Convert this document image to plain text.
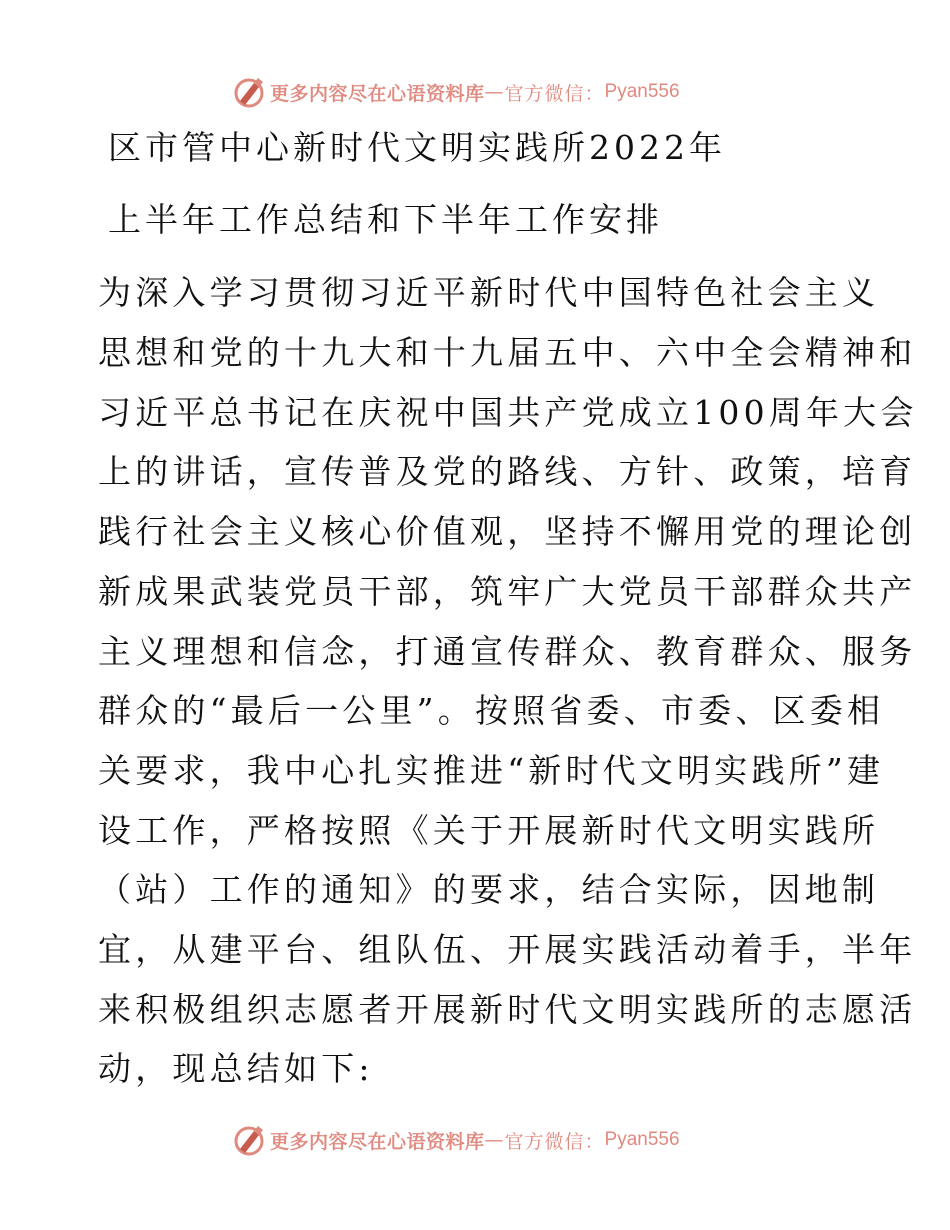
更多内容尽在心语资料库 — 官方微信： Pyan556
区市管中心新时代文明实践所2022年
上半年工作总结和下半年工作安排
为深入学习贯彻习近平新时代中国特色社会主义
思想和党的十九大和十九届五中、六中全会精神和
习近平总书记在庆祝中国共产党成立100周年大会
上的讲话，宣传普及党的路线、方针、政策，培育
践行社会主义核心价值观，坚持不懈用党的理论创
新成果武装党员干部，筑牢广大党员干部群众共产
主义理想和信念，打通宣传群众、教育群众、服务
群众的“最后一公里”。按照省委、市委、区委相
关要求，我中心扎实推进“新时代文明实践所”建
设工作，严格按照《关于开展新时代文明实践所
（站）工作的通知》的要求，结合实际，因地制
宜，从建平台、组队伍、开展实践活动着手，半年
来积极组织志愿者开展新时代文明实践所的志愿活
动，现总结如下:
更多内容尽在心语资料库 — 官方微信： Pyan556
